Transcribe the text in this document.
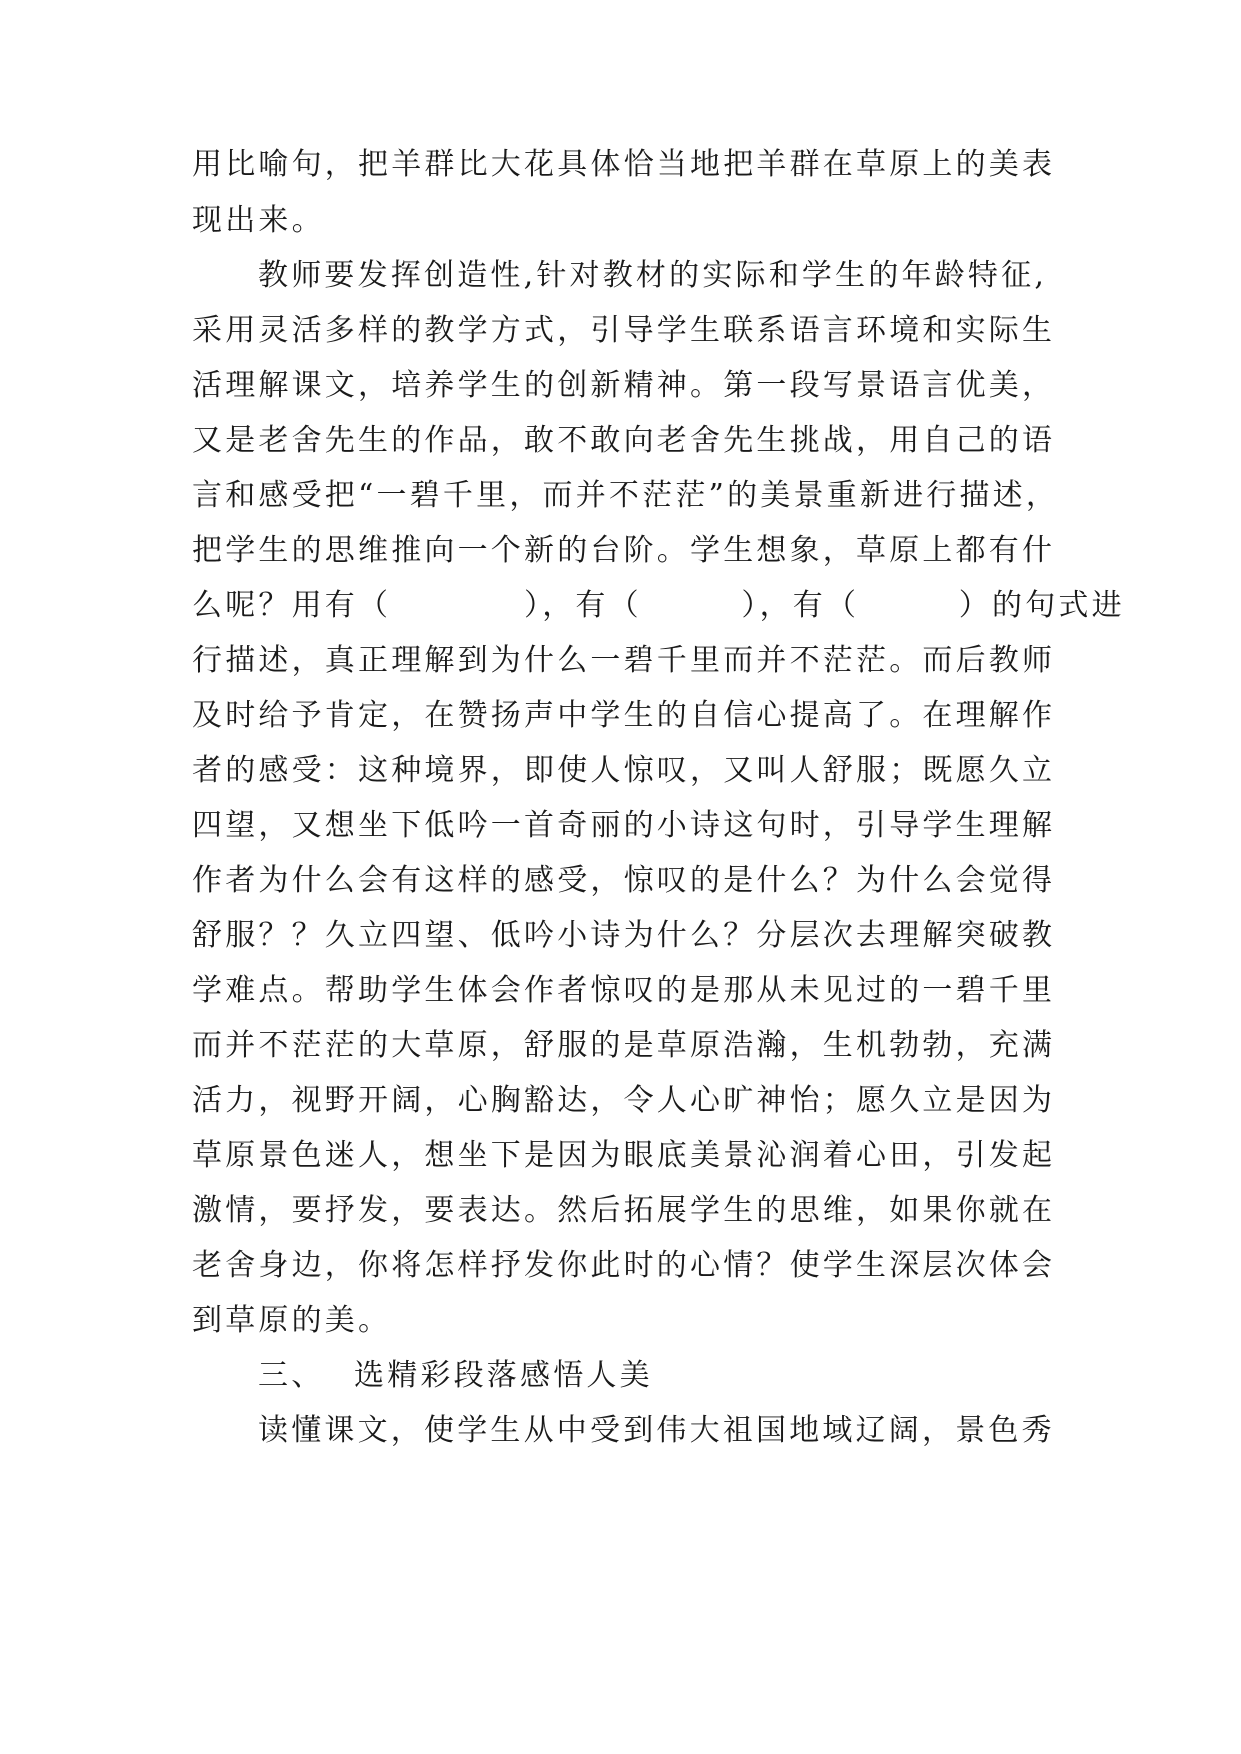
用比喻句，把羊群比大花具体恰当地把羊群在草原上的美表
现出来。
教师要发挥创造性,针对教材的实际和学生的年龄特征,
采用灵活多样的教学方式，引导学生联系语言环境和实际生
活理解课文，培养学生的创新精神。第一段写景语言优美，
又是老舍先生的作品，敢不敢向老舍先生挑战，用自己的语
言和感受把“一碧千里，而并不茫茫”的美景重新进行描述，
把学生的思维推向一个新的台阶。学生想象，草原上都有什
么呢？用有（　　　　），有（　　　），有（　　　）的句式进
行描述，真正理解到为什么一碧千里而并不茫茫。而后教师
及时给予肯定，在赞扬声中学生的自信心提高了。在理解作
者的感受：这种境界，即使人惊叹，又叫人舒服；既愿久立
四望，又想坐下低吟一首奇丽的小诗这句时，引导学生理解
作者为什么会有这样的感受，惊叹的是什么？为什么会觉得
舒服？？久立四望、低吟小诗为什么？分层次去理解突破教
学难点。帮助学生体会作者惊叹的是那从未见过的一碧千里
而并不茫茫的大草原，舒服的是草原浩瀚，生机勃勃，充满
活力，视野开阔，心胸豁达，令人心旷神怡；愿久立是因为
草原景色迷人，想坐下是因为眼底美景沁润着心田，引发起
激情，要抒发，要表达。然后拓展学生的思维，如果你就在
老舍身边，你将怎样抒发你此时的心情？使学生深层次体会
到草原的美。
三、 选精彩段落感悟人美
读懂课文，使学生从中受到伟大祖国地域辽阔，景色秀
